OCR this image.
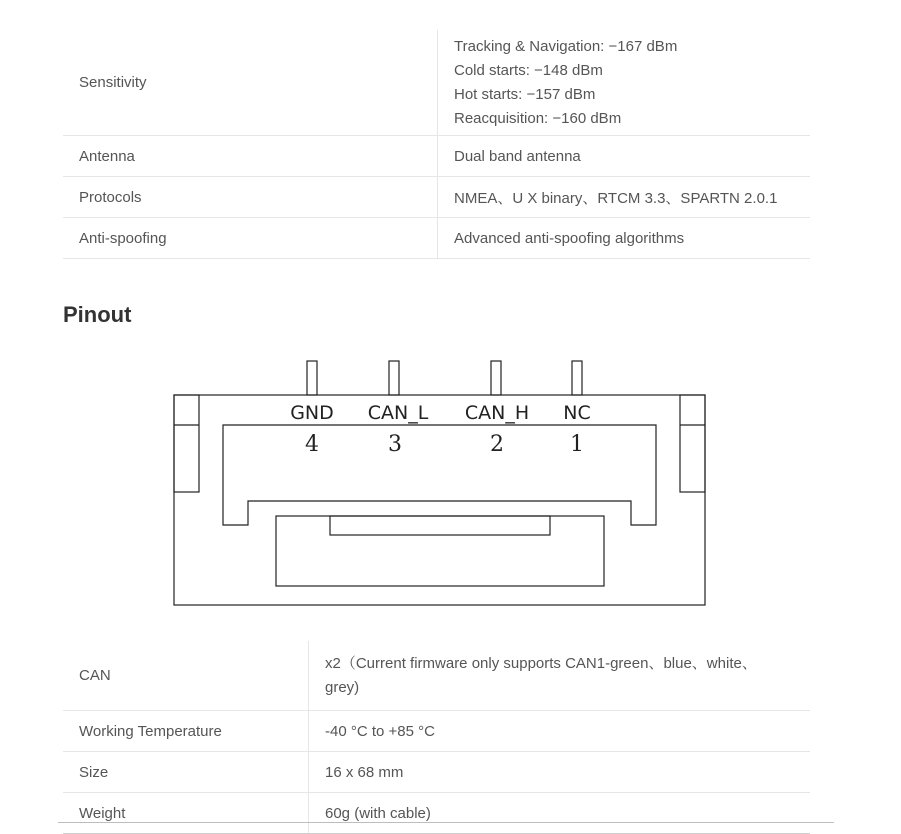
Sensitivity	Tracking & Navigation: −167 dBm
Cold starts: −148 dBm
Hot starts: −157 dBm
Reacquisition: −160 dBm

Antenna	Dual band antenna
Protocols	NMEA、U X binary、RTCM 3.3、SPARTN 2.0.1
Anti-spoofing	Advanced anti-spoofing algorithms
Pinout
GND CAN_L CAN_H NC
4	3	2	1
CAN	x2（Current firmware only supports CAN1-green、blue、white、grey)
Working Temperature	-40 °C to +85 °C
Size	16 x 68 mm
Weight	60g (with cable)
